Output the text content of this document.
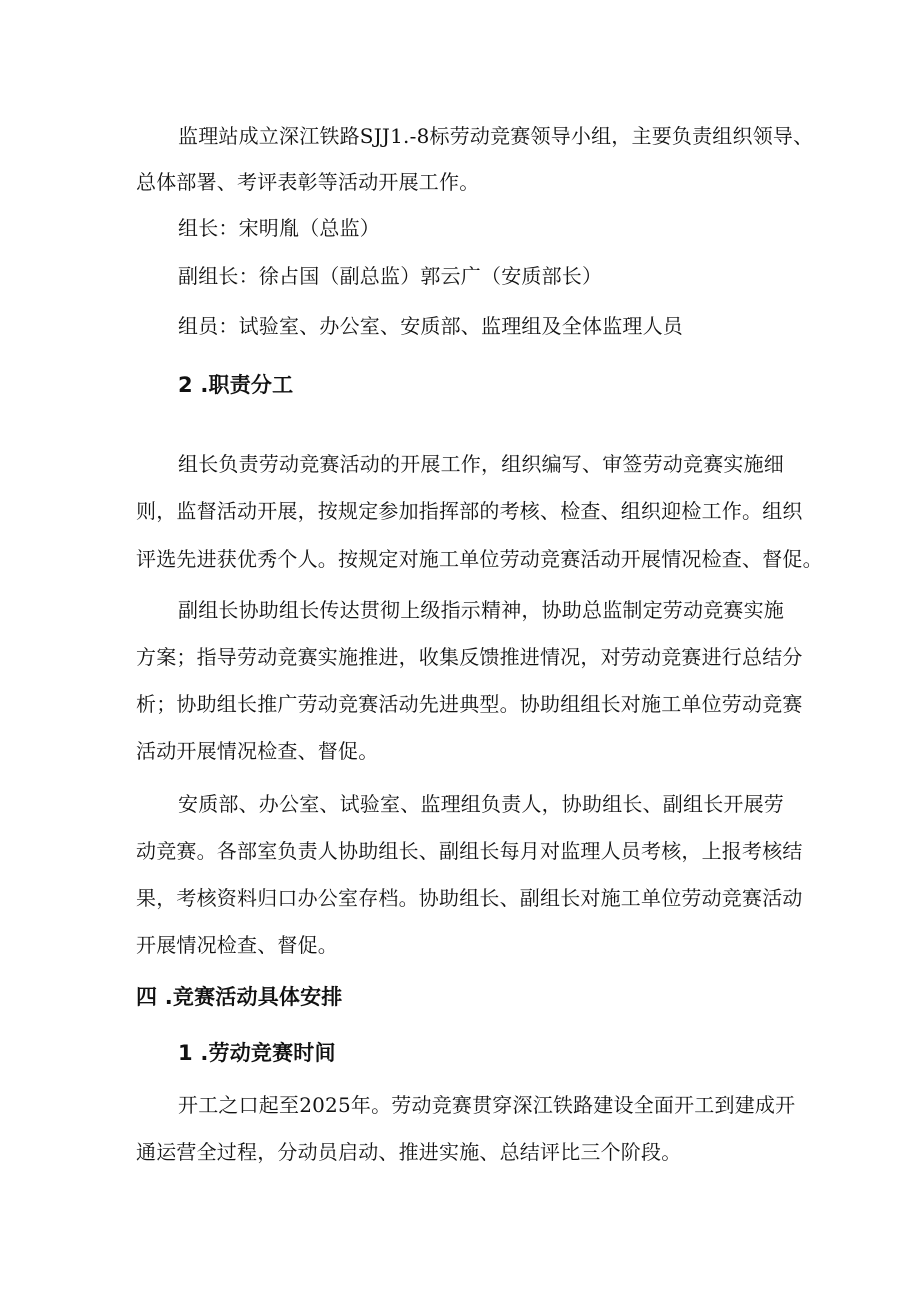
监理站成立深江铁路SJJ1.-8标劳动竞赛领导小组，主要负责组织领导、
总体部署、考评表彰等活动开展工作。
组长：宋明胤（总监）
副组长：徐占国（副总监）郭云广（安质部长）
组员：试验室、办公室、安质部、监理组及全体监理人员
2 .职责分工
组长负责劳动竞赛活动的开展工作，组织编写、审签劳动竞赛实施细
则，监督活动开展，按规定参加指挥部的考核、检查、组织迎检工作。组织
评选先进获优秀个人。按规定对施工单位劳动竞赛活动开展情况检查、督促。
副组长协助组长传达贯彻上级指示精神，协助总监制定劳动竞赛实施
方案；指导劳动竞赛实施推进，收集反馈推进情况，对劳动竞赛进行总结分
析；协助组长推广劳动竞赛活动先进典型。协助组组长对施工单位劳动竞赛
活动开展情况检查、督促。
安质部、办公室、试验室、监理组负责人，协助组长、副组长开展劳
动竞赛。各部室负责人协助组长、副组长每月对监理人员考核，上报考核结
果，考核资料归口办公室存档。协助组长、副组长对施工单位劳动竞赛活动
开展情况检查、督促。
四 .竞赛活动具体安排
1 .劳动竞赛时间
开工之口起至2025年。劳动竞赛贯穿深江铁路建设全面开工到建成开
通运营全过程，分动员启动、推进实施、总结评比三个阶段。
